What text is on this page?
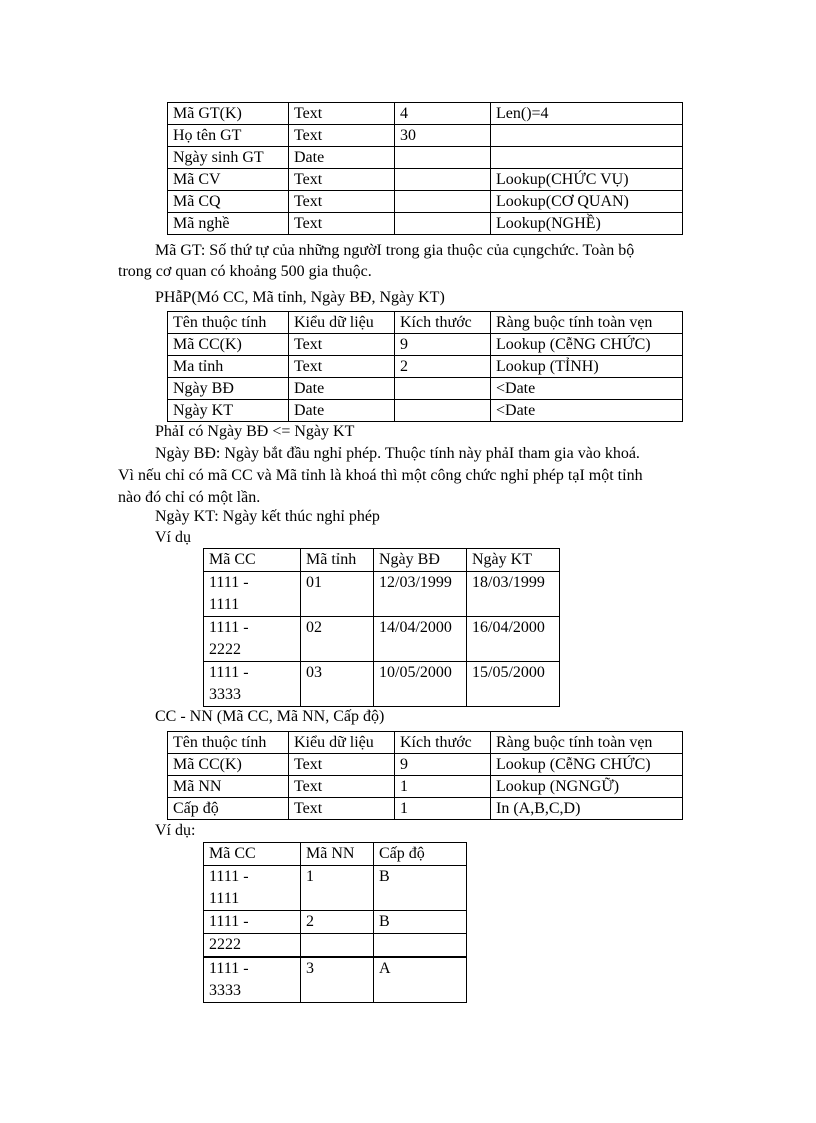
Mã GT(K)	Text	4	Len()=4
Họ tên GT	Text	30	
Ngày sinh GT	Date		
Mã CV	Text		Lookup(CHỨC VỤ)
Mã CQ	Text		Lookup(CƠ QUAN)
Mã nghề	Text		Lookup(NGHỀ)

Mã GT: Số thứ tự của những ngườI trong gia thuộc của cụngchức. Toàn bộ

trong cơ quan có khoảng 500 gia thuộc.

PHẫP(Mó CC, Mã tỉnh, Ngày BĐ, Ngày KT)

Tên thuộc tính	Kiểu dữ liệu	Kích thước	Ràng buộc tính toàn vẹn
Mã CC(K)	Text	9	Lookup (CễNG CHỨC)
Ma tỉnh	Text	2	Lookup (TỈNH)
Ngày BĐ	Date		<Date
Ngày KT	Date		<Date

PhảI có Ngày BĐ <= Ngày KT

Ngày BĐ: Ngày bắt đầu nghỉ phép. Thuộc tính này phảI tham gia vào khoá.

Vì nếu chỉ có mã CC và Mã tỉnh là khoá thì một công chức nghỉ phép tạI một tỉnh

nào đó chỉ có một lần.

Ngày KT: Ngày kết thúc nghỉ phép

Ví dụ

Mã CC	Mã tỉnh	Ngày BĐ	Ngày KT
1111 -
1111	01	12/03/1999	18/03/1999
1111 -
2222	02	14/04/2000	16/04/2000
1111 -
3333	03	10/05/2000	15/05/2000

CC - NN (Mã CC, Mã NN, Cấp độ)

Tên thuộc tính	Kiểu dữ liệu	Kích thước	Ràng buộc tính toàn vẹn
Mã CC(K)	Text	9	Lookup (CễNG CHỨC)
Mã NN	Text	1	Lookup (NGNGỮ)
Cấp độ	Text	1	In (A,B,C,D)

Ví dụ:

Mã CC	Mã NN	Cấp độ
1111 -
1111	1	B
1111 -	2	B
2222		
1111 -
3333	3	A
